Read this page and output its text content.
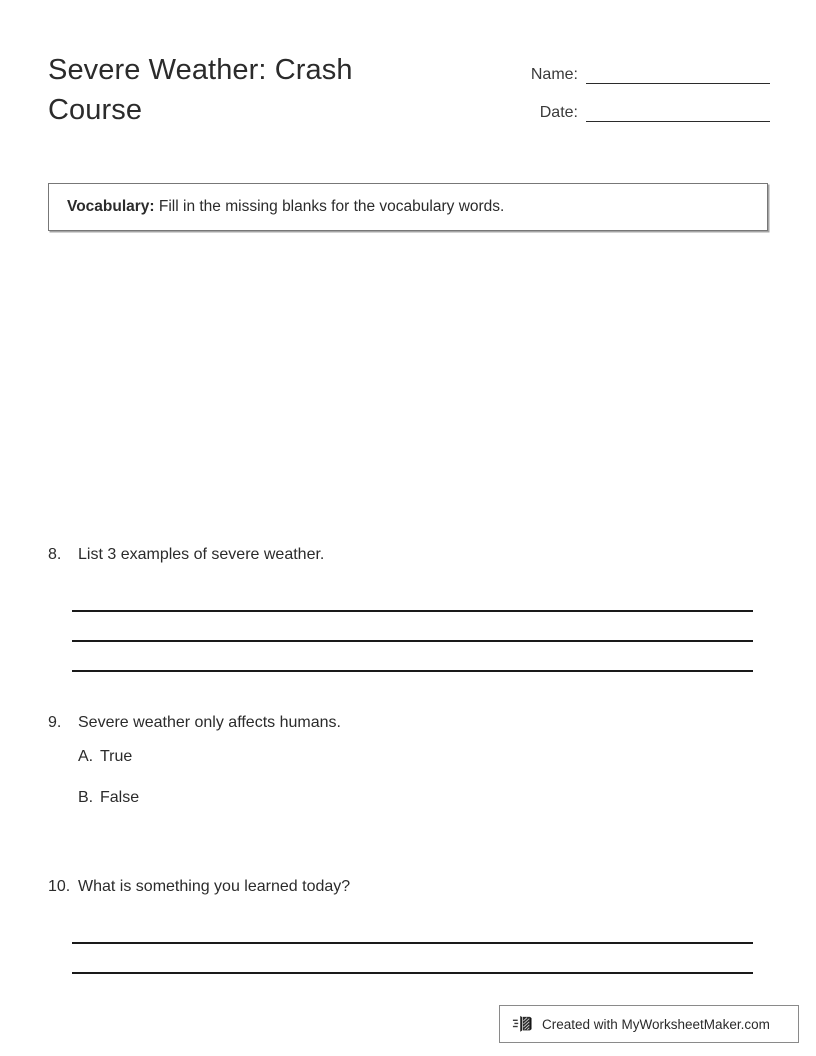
Severe Weather: Crash Course
Name:
Date:
Vocabulary: Fill in the missing blanks for the vocabulary words.
8.	List 3 examples of severe weather.
9.	Severe weather only affects humans.
A. True
B. False
10. What is something you learned today?
Created with MyWorksheetMaker.com
